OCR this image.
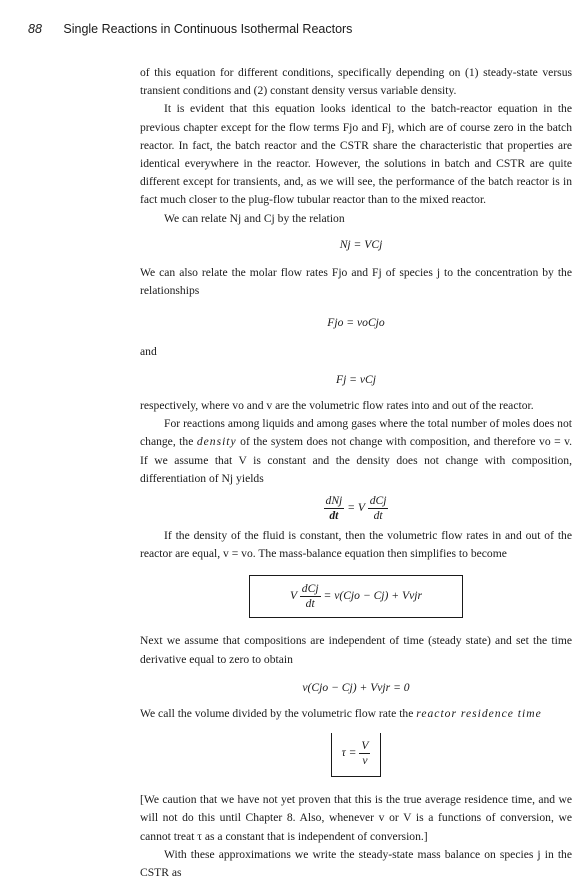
88 Single Reactions in Continuous Isothermal Reactors

of this equation for different conditions, specifically depending on (1) steady-state versus transient conditions and (2) constant density versus variable density.

It is evident that this equation looks identical to the batch-reactor equation in the previous chapter except for the flow terms Fjo and Fj, which are of course zero in the batch reactor. In fact, the batch reactor and the CSTR share the characteristic that properties are identical everywhere in the reactor. However, the solutions in batch and CSTR are quite different except for transients, and, as we will see, the performance of the batch reactor is in fact much closer to the plug-flow tubular reactor than to the mixed reactor.

We can relate Nj and Cj by the relation

Nj = VCj

We can also relate the molar flow rates Fjo and Fj of species j to the concentration by the relationships

Fjo = voCjo

and

Fj = vCj

respectively, where vo and v are the volumetric flow rates into and out of the reactor.

For reactions among liquids and among gases where the total number of moles does not change, the density of the system does not change with composition, and therefore vo = v. If we assume that V is constant and the density does not change with composition, differentiation of Nj yields

$\frac{\text{dNj}}{dt} = V \frac{\text{dCj}}{dt}$

If the density of the fluid is constant, then the volumetric flow rates in and out of the reactor are equal, v = vo. The mass-balance equation then simplifies to become

V $\frac{\text{dCj}}{dt} = v(Cjo - Cj) + V\nu jr$

Next we assume that compositions are independent of time (steady state) and set the time derivative equal to zero to obtain

v(Cjo − Cj) + Vνjr = 0

We call the volume divided by the volumetric flow rate the reactor residence time

$\tau = \frac{V}{v}$

[We caution that we have not yet proven that this is the true average residence time, and we will not do this until Chapter 8. Also, whenever v or V is a functions of conversion, we cannot treat τ as a constant that is independent of conversion.]

With these approximations we write the steady-state mass balance on species j in the CSTR as
